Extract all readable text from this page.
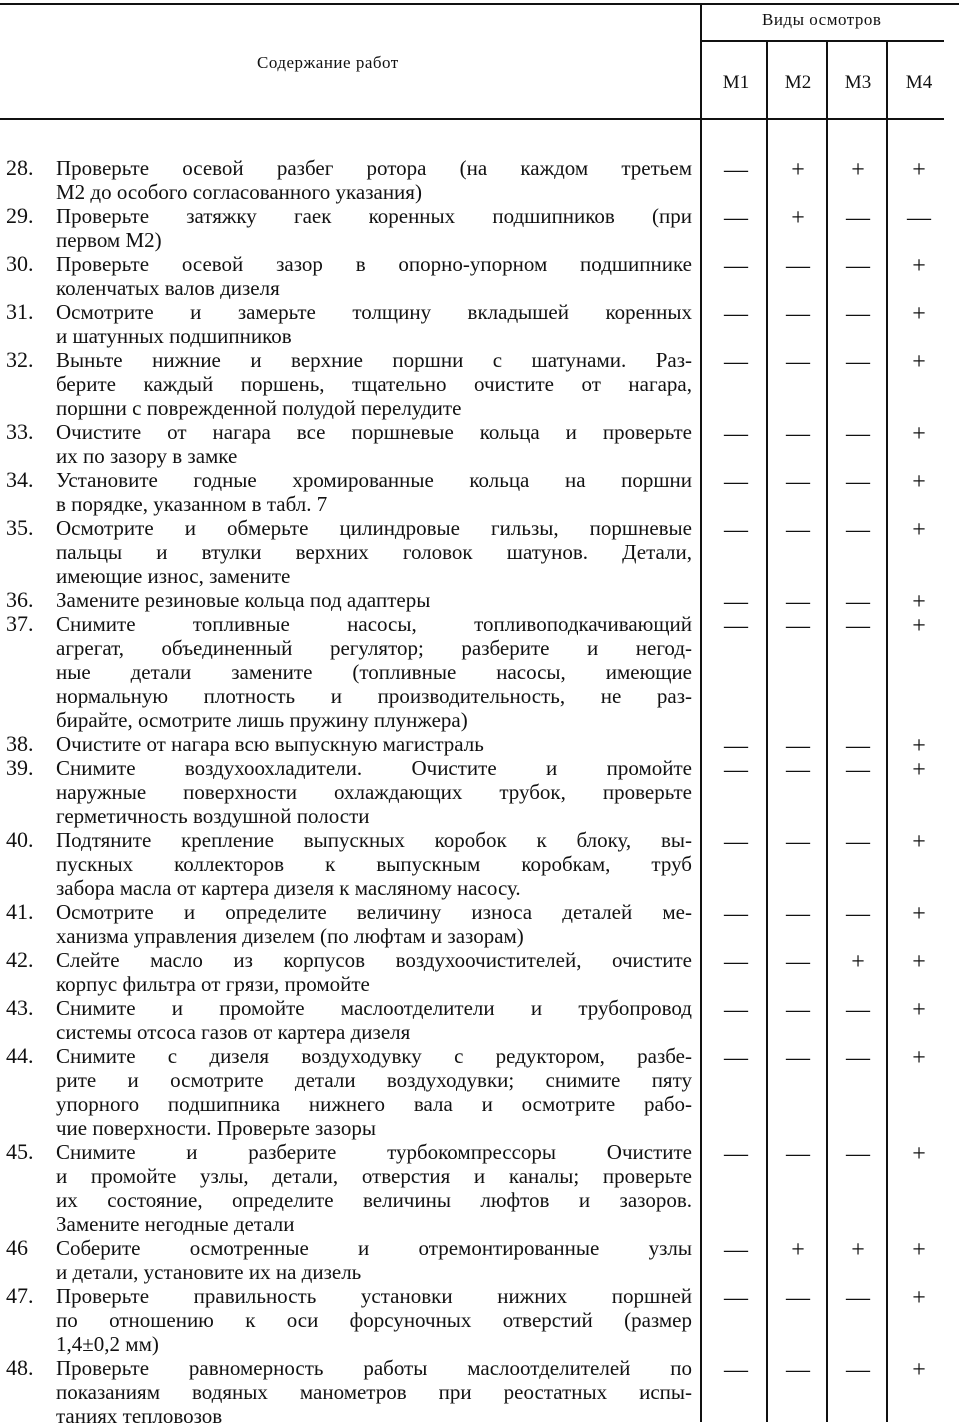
Виды осмотров
Содержание работ
M1	M2	M3	M4
28. Проверьте осевой разбег ротора (на каждом третьем
М2 до особого согласованного указания)
—	+	+	+
29. Проверьте затяжку гаек коренных подшипников (при
первом М2)
—	+	—	—
30. Проверьте осевой зазор в опорно-упорном подшипнике
коленчатых валов дизеля
—	—	—	+
31. Осмотрите и замерьте толщину вкладышей коренных
и шатунных подшипников
—	—	—	+
32. Выньте нижние и верхние поршни с шатунами. Раз-
берите каждый поршень, тщательно очистите от нагара,
поршни с поврежденной полудой перелудите
—	—	—	+
33. Очистите от нагара все поршневые кольца и проверьте
их по зазору в замке
—	—	—	+
34. Установите годные хромированные кольца на поршни
в порядке, указанном в табл. 7
—	—	—	+
35. Осмотрите и обмерьте цилиндровые гильзы, поршневые
пальцы и втулки верхних головок шатунов. Детали,
имеющие износ, замените
—	—	—	+
36. Замените резиновые кольца под адаптеры	—	—	—	+
37. Снимите топливные насосы, топливоподкачивающий
агрегат, объединенный регулятор; разберите и негод-
ные детали замените (топливные насосы, имеющие
нормальную плотность и производительность, не раз-
бирайте, осмотрите лишь пружину плунжера)
—	—	—	+
38. Очистите от нагара всю выпускную магистраль	—	—	—	+
39. Снимите воздухоохладители. Очистите и промойте
наружные поверхности охлаждающих трубок, проверьте
герметичность воздушной полости
—	—	—	+
40. Подтяните крепление выпускных коробок к блоку, вы-
пускных коллекторов к выпускным коробкам, труб
забора масла от картера дизеля к масляному насосу.
—	—	—	+
41. Осмотрите и определите величину износа деталей ме-
ханизма управления дизелем (по люфтам и зазорам)
—	—	—	+
42. Слейте масло из корпусов воздухоочистителей, очистите
корпус фильтра от грязи, промойте
—	—	+	+
43. Снимите и промойте маслоотделители и трубопровод
системы отсоса газов от картера дизеля
—	—	—	+
44. Снимите с дизеля воздуходувку с редуктором, разбе-
рите и осмотрите детали воздуходувки; снимите пяту
упорного подшипника нижнего вала и осмотрите рабо-
чие поверхности. Проверьте зазоры
—	—	—	+
45. Снимите и разберите турбокомпрессоры Очистите
и промойте узлы, детали, отверстия и каналы; проверьте
их состояние, определите величины люфтов и зазоров.
Замените негодные детали
—	—	—	+
46 Соберите осмотренные и отремонтированные узлы
и детали, установите их на дизель
—	+	+	+
47. Проверьте правильность установки нижних поршней
по отношению к оси форсуночных отверстий (размер
1,4±0,2 мм)
—	—	—	+
48. Проверьте равномерность работы маслоотделителей по
показаниям водяных манометров при реостатных испы-
таниях тепловозов
—	—	—	+
